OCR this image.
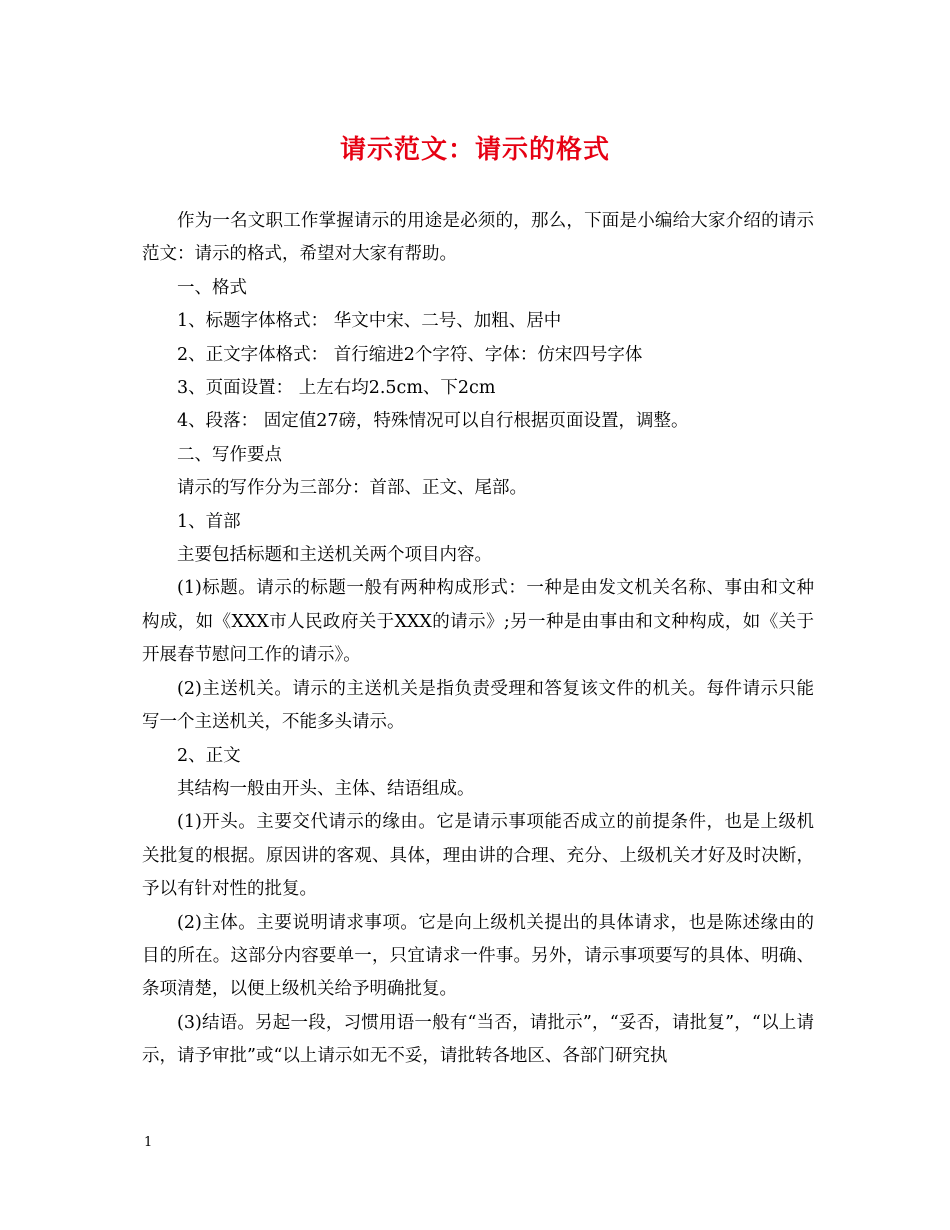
请示范文：请示的格式

作为一名文职工作掌握请示的用途是必须的，那么，下面是小编给大家介绍的请示范文：请示的格式，希望对大家有帮助。

一、格式

1、标题字体格式： 华文中宋、二号、加粗、居中

2、正文字体格式： 首行缩进2个字符、字体：仿宋四号字体

3、页面设置： 上左右均2.5cm、下2cm

4、段落： 固定值27磅，特殊情况可以自行根据页面设置，调整。

二、写作要点

请示的写作分为三部分：首部、正文、尾部。

1、首部

主要包括标题和主送机关两个项目内容。

(1)标题。请示的标题一般有两种构成形式：一种是由发文机关名称、事由和文种构成，如《XXX市人民政府关于XXX的请示》;另一种是由事由和文种构成，如《关于开展春节慰问工作的请示》。

(2)主送机关。请示的主送机关是指负责受理和答复该文件的机关。每件请示只能写一个主送机关，不能多头请示。

2、正文

其结构一般由开头、主体、结语组成。

(1)开头。主要交代请示的缘由。它是请示事项能否成立的前提条件，也是上级机关批复的根据。原因讲的客观、具体，理由讲的合理、充分、上级机关才好及时决断，予以有针对性的批复。

(2)主体。主要说明请求事项。它是向上级机关提出的具体请求，也是陈述缘由的目的所在。这部分内容要单一，只宜请求一件事。另外，请示事项要写的具体、明确、条项清楚，以便上级机关给予明确批复。

(3)结语。另起一段，习惯用语一般有“当否，请批示”，“妥否，请批复”，“以上请示，请予审批”或“以上请示如无不妥，请批转各地区、各部门研究执

1
